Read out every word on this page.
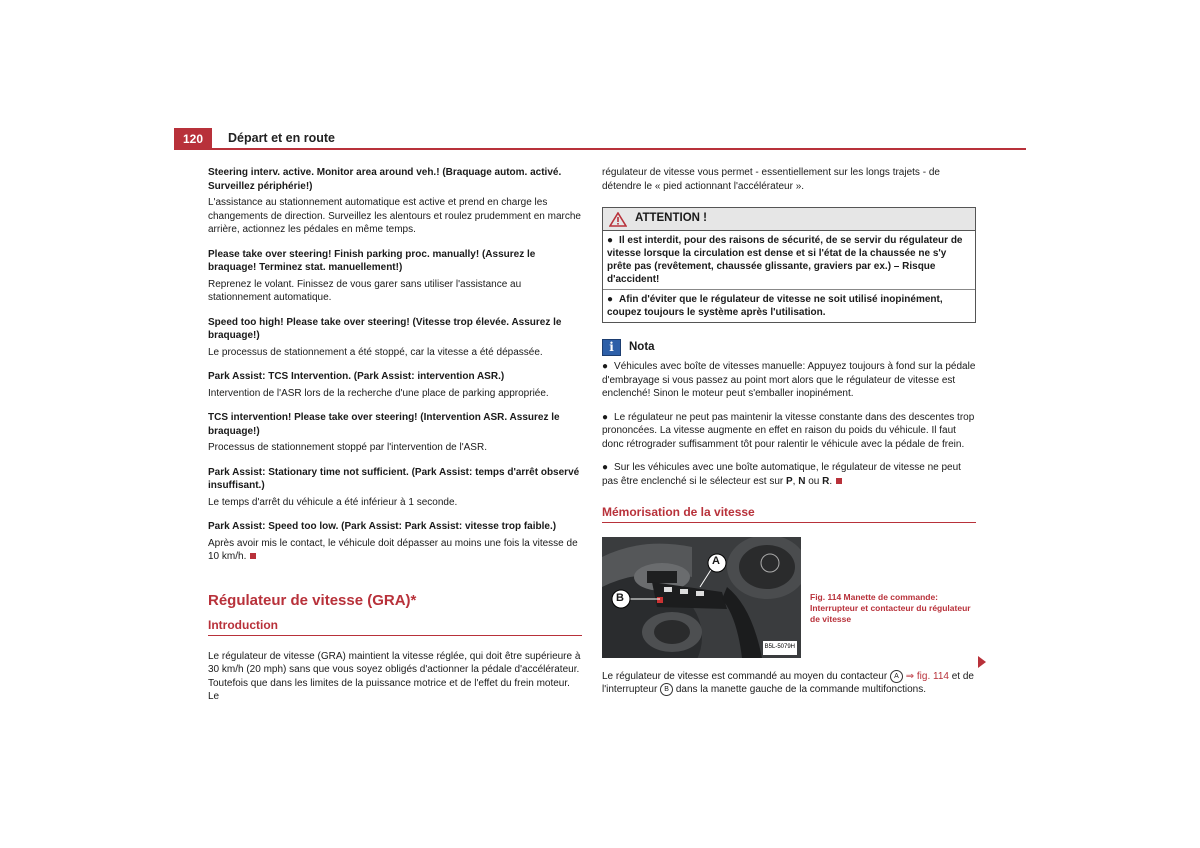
120	Départ et en route

Steering interv. active. Monitor area around veh.! (Braquage autom. activé. Surveillez périphérie!)

L'assistance au stationnement automatique est active et prend en charge les changements de direction. Surveillez les alentours et roulez prudemment en marche arrière, actionnez les pédales en même temps.

Please take over steering! Finish parking proc. manually! (Assurez le braquage! Terminez stat. manuellement!)

Reprenez le volant. Finissez de vous garer sans utiliser l'assistance au stationnement automatique.

Speed too high! Please take over steering! (Vitesse trop élevée. Assurez le braquage!)

Le processus de stationnement a été stoppé, car la vitesse a été dépassée.

Park Assist: TCS Intervention. (Park Assist: intervention ASR.)

Intervention de l'ASR lors de la recherche d'une place de parking appropriée.

TCS intervention! Please take over steering! (Intervention ASR. Assurez le braquage!)

Processus de stationnement stoppé par l'intervention de l'ASR.

Park Assist: Stationary time not sufficient. (Park Assist: temps d'arrêt observé insuffisant.)

Le temps d'arrêt du véhicule a été inférieur à 1 seconde.

Park Assist: Speed too low. (Park Assist: Park Assist: vitesse trop faible.)

Après avoir mis le contact, le véhicule doit dépasser au moins une fois la vitesse de 10 km/h.

Régulateur de vitesse (GRA)*
Introduction

Le régulateur de vitesse (GRA) maintient la vitesse réglée, qui doit être supérieure à 30 km/h (20 mph) sans que vous soyez obligés d'actionner la pédale d'accélérateur. Toutefois que dans les limites de la puissance motrice et de l'effet du frein moteur. Le

régulateur de vitesse vous permet - essentiellement sur les longs trajets - de détendre le « pied actionnant l'accélérateur ».

ATTENTION !
● Il est interdit, pour des raisons de sécurité, de se servir du régulateur de vitesse lorsque la circulation est dense et si l'état de la chaussée ne s'y prête pas (revêtement, chaussée glissante, graviers par ex.) – Risque d'accident!
● Afin d'éviter que le régulateur de vitesse ne soit utilisé inopinément, coupez toujours le système après l'utilisation.
i	Nota

● Véhicules avec boîte de vitesses manuelle: Appuyez toujours à fond sur la pédale d'embrayage si vous passez au point mort alors que le régulateur de vitesse est enclenché! Sinon le moteur peut s'emballer inopinément.

● Le régulateur ne peut pas maintenir la vitesse constante dans des descentes trop prononcées. La vitesse augmente en effet en raison du poids du véhicule. Il faut donc rétrograder suffisamment tôt pour ralentir le véhicule avec la pédale de frein.

● Sur les véhicules avec une boîte automatique, le régulateur de vitesse ne peut pas être enclenché si le sélecteur est sur P, N ou R.

Mémorisation de la vitesse
A
B
B5L-5079H

Le régulateur de vitesse est commandé au moyen du contacteur A ⇒ fig. 114 et de l'interrupteur B dans la manette gauche de la commande multifonctions.

Fig. 114 Manette de commande: Interrupteur et contacteur du régulateur de vitesse
